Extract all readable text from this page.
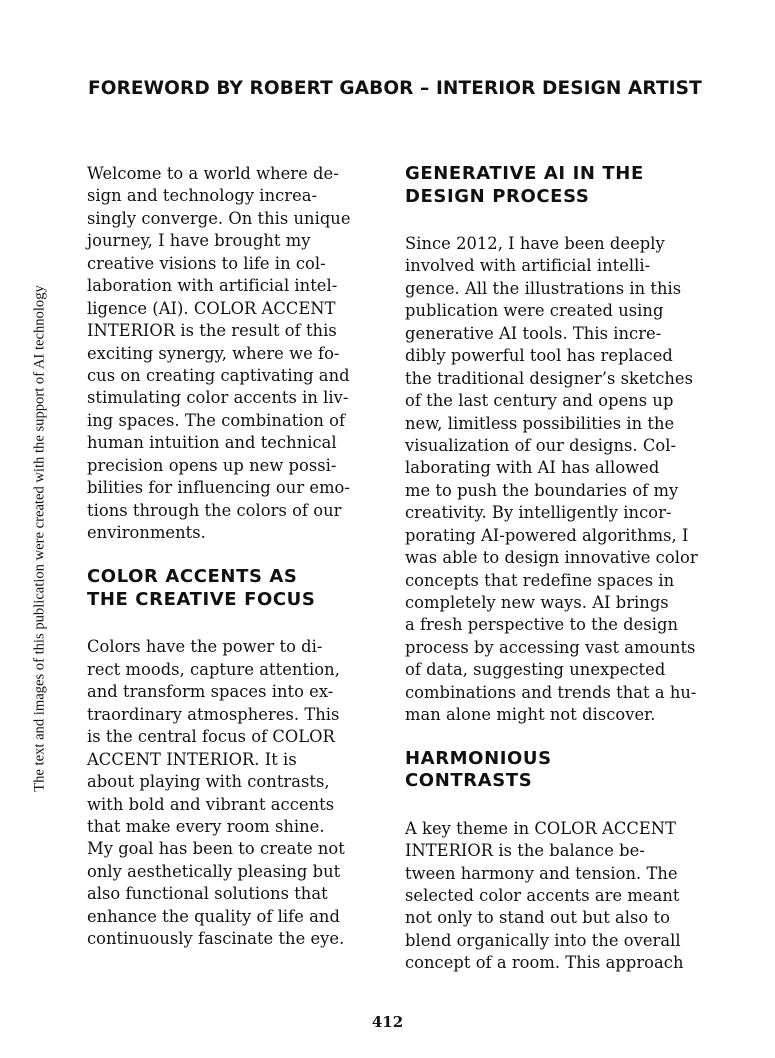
FOREWORD BY ROBERT GABOR – INTERIOR DESIGN ARTIST
The text and images of this publication were created with the support of AI technology
Welcome to a world where de-
sign and technology increa-
singly converge. On this unique
journey, I have brought my
creative visions to life in col-
laboration with artificial intel-
ligence (AI). COLOR ACCENT
INTERIOR is the result of this
exciting synergy, where we fo-
cus on creating captivating and
stimulating color accents in liv-
ing spaces. The combination of
human intuition and technical
precision opens up new possi-
bilities for influencing our emo-
tions through the colors of our
environments.
COLOR ACCENTS AS
THE CREATIVE FOCUS
Colors have the power to di-
rect moods, capture attention,
and transform spaces into ex-
traordinary atmospheres. This
is the central focus of COLOR
ACCENT INTERIOR. It is
about playing with contrasts,
with bold and vibrant accents
that make every room shine.
My goal has been to create not
only aesthetically pleasing but
also functional solutions that
enhance the quality of life and
continuously fascinate the eye.
GENERATIVE AI IN THE
DESIGN PROCESS
Since 2012, I have been deeply
involved with artificial intelli-
gence. All the illustrations in this
publication were created using
generative AI tools. This incre-
dibly powerful tool has replaced
the traditional designer’s sketches
of the last century and opens up
new, limitless possibilities in the
visualization of our designs. Col-
laborating with AI has allowed
me to push the boundaries of my
creativity. By intelligently incor-
porating AI-powered algorithms, I
was able to design innovative color
concepts that redefine spaces in
completely new ways. AI brings
a fresh perspective to the design
process by accessing vast amounts
of data, suggesting unexpected
combinations and trends that a hu-
man alone might not discover.
HARMONIOUS
CONTRASTS
A key theme in COLOR ACCENT
INTERIOR is the balance be-
tween harmony and tension. The
selected color accents are meant
not only to stand out but also to
blend organically into the overall
concept of a room. This approach
412
